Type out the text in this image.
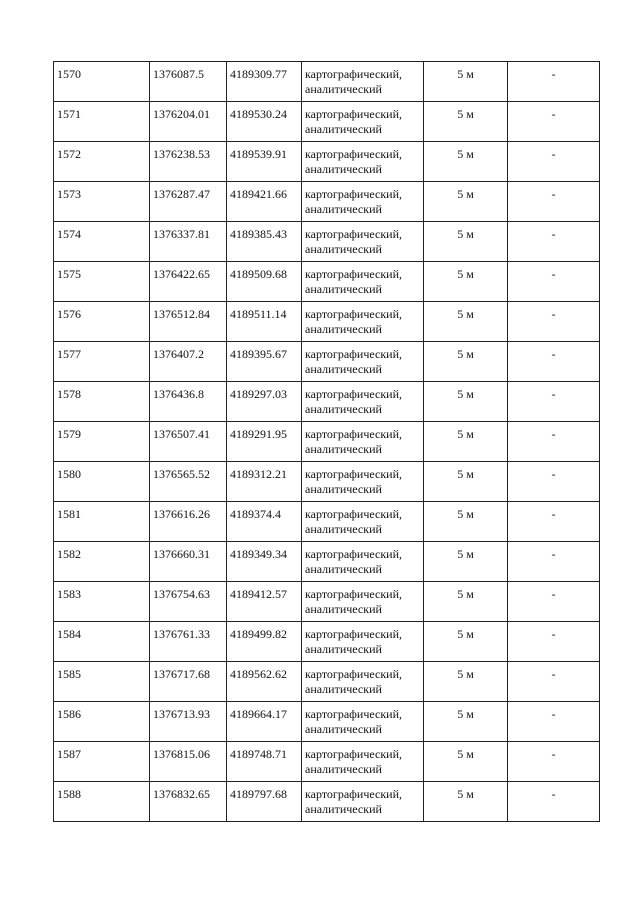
1570	1376087.5	4189309.77	картографический, аналитический	5 м	-
1571	1376204.01	4189530.24	картографический, аналитический	5 м	-
1572	1376238.53	4189539.91	картографический, аналитический	5 м	-
1573	1376287.47	4189421.66	картографический, аналитический	5 м	-
1574	1376337.81	4189385.43	картографический, аналитический	5 м	-
1575	1376422.65	4189509.68	картографический, аналитический	5 м	-
1576	1376512.84	4189511.14	картографический, аналитический	5 м	-
1577	1376407.2	4189395.67	картографический, аналитический	5 м	-
1578	1376436.8	4189297.03	картографический, аналитический	5 м	-
1579	1376507.41	4189291.95	картографический, аналитический	5 м	-
1580	1376565.52	4189312.21	картографический, аналитический	5 м	-
1581	1376616.26	4189374.4	картографический, аналитический	5 м	-
1582	1376660.31	4189349.34	картографический, аналитический	5 м	-
1583	1376754.63	4189412.57	картографический, аналитический	5 м	-
1584	1376761.33	4189499.82	картографический, аналитический	5 м	-
1585	1376717.68	4189562.62	картографический, аналитический	5 м	-
1586	1376713.93	4189664.17	картографический, аналитический	5 м	-
1587	1376815.06	4189748.71	картографический, аналитический	5 м	-
1588	1376832.65	4189797.68	картографический, аналитический	5 м	-
